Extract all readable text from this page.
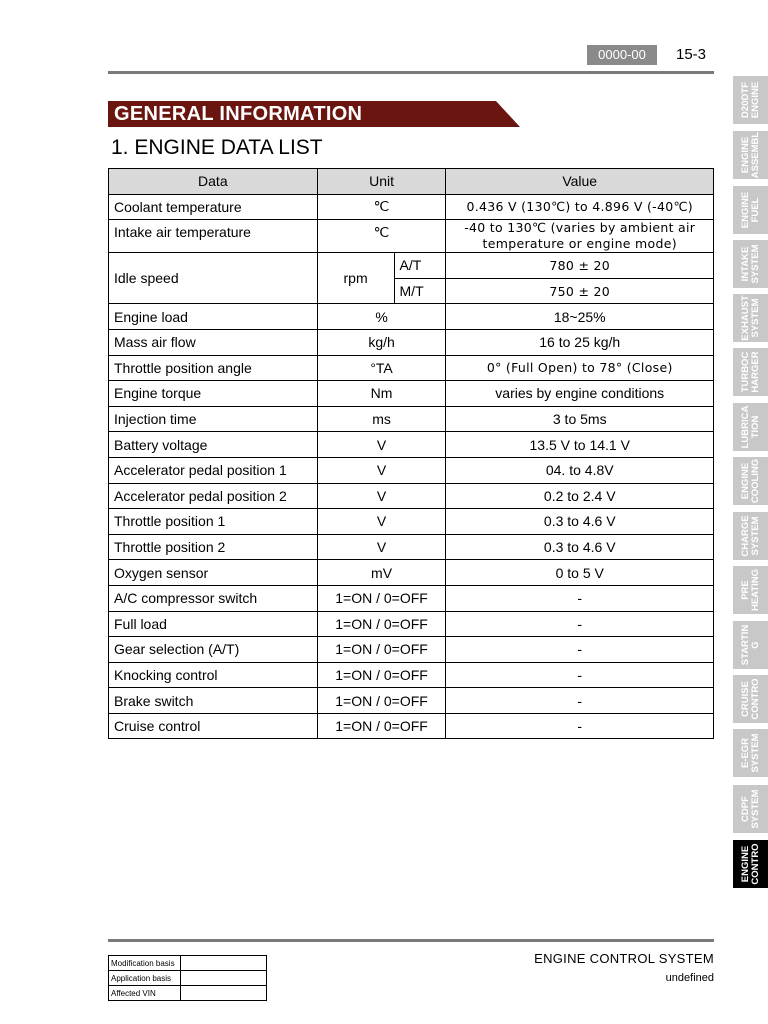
0000-00	15-3
GENERAL INFORMATION
1. ENGINE DATA LIST
Data	Unit		Value
Coolant temperature	℃		0.436 V (130℃) to 4.896 V (-40℃)
Intake air temperature	℃		-40 to 130℃ (varies by ambient air temperature or engine mode)
Idle speed	rpm	A/T	780 ± 20
		M/T	750 ± 20
Engine load	%		18~25%
Mass air flow	kg/h		16 to 25 kg/h
Throttle position angle	°TA		0° (Full Open) to 78° (Close)
Engine torque	Nm		varies by engine conditions
Injection time	ms		3 to 5ms
Battery voltage	V		13.5 V to 14.1 V
Accelerator pedal position 1	V		04. to 4.8V
Accelerator pedal position 2	V		0.2 to 2.4 V
Throttle position 1	V		0.3 to 4.6 V
Throttle position 2	V		0.3 to 4.6 V
Oxygen sensor	mV		0 to 5 V
A/C compressor switch	1=ON / 0=OFF		-
Full load	1=ON / 0=OFF		-
Gear selection (A/T)	1=ON / 0=OFF		-
Knocking control	1=ON / 0=OFF		-
Brake switch	1=ON / 0=OFF		-
Cruise control	1=ON / 0=OFF		-
D20DTF
ENGINE
ENGINE
ASSEMBL
ENGINE
FUEL
INTAKE
SYSTEM
EXHAUST
SYSTEM
TURBOC
HARGER
LUBRICA
TION
ENGINE
COOLING
CHARGE
SYSTEM
PRE
HEATING
STARTIN
G
CRUISE
CONTRO
E-EGR
SYSTEM
CDPF
SYSTEM
ENGINE
CONTRO
Modification basis	
Application basis	
Affected VIN	
ENGINE CONTROL SYSTEM
undefined
